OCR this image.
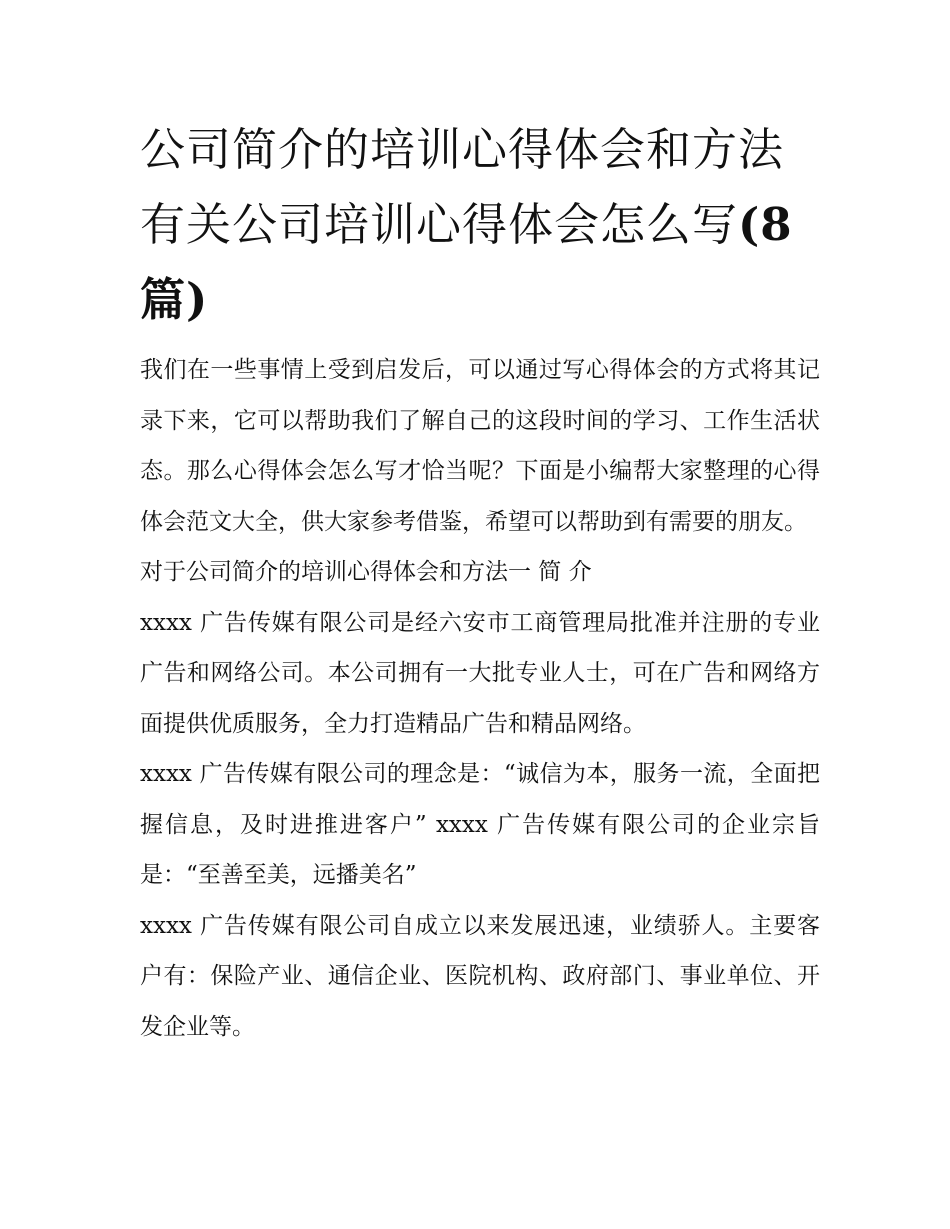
公司简介的培训心得体会和方法 有关公司培训心得体会怎么写(8 篇)

我们在一些事情上受到启发后，可以通过写心得体会的方式将其记录下来，它可以帮助我们了解自己的这段时间的学习、工作生活状态。那么心得体会怎么写才恰当呢？下面是小编帮大家整理的心得体会范文大全，供大家参考借鉴，希望可以帮助到有需要的朋友。

对于公司简介的培训心得体会和方法一 简 介

xxxx 广告传媒有限公司是经六安市工商管理局批准并注册的专业广告和网络公司。本公司拥有一大批专业人士，可在广告和网络方面提供优质服务，全力打造精品广告和精品网络。

xxxx 广告传媒有限公司的理念是：“诚信为本，服务一流，全面把握信息，及时进推进客户” xxxx 广告传媒有限公司的企业宗旨是：“至善至美，远播美名”

xxxx 广告传媒有限公司自成立以来发展迅速，业绩骄人。主要客户有：保险产业、通信企业、医院机构、政府部门、事业单位、开发企业等。
